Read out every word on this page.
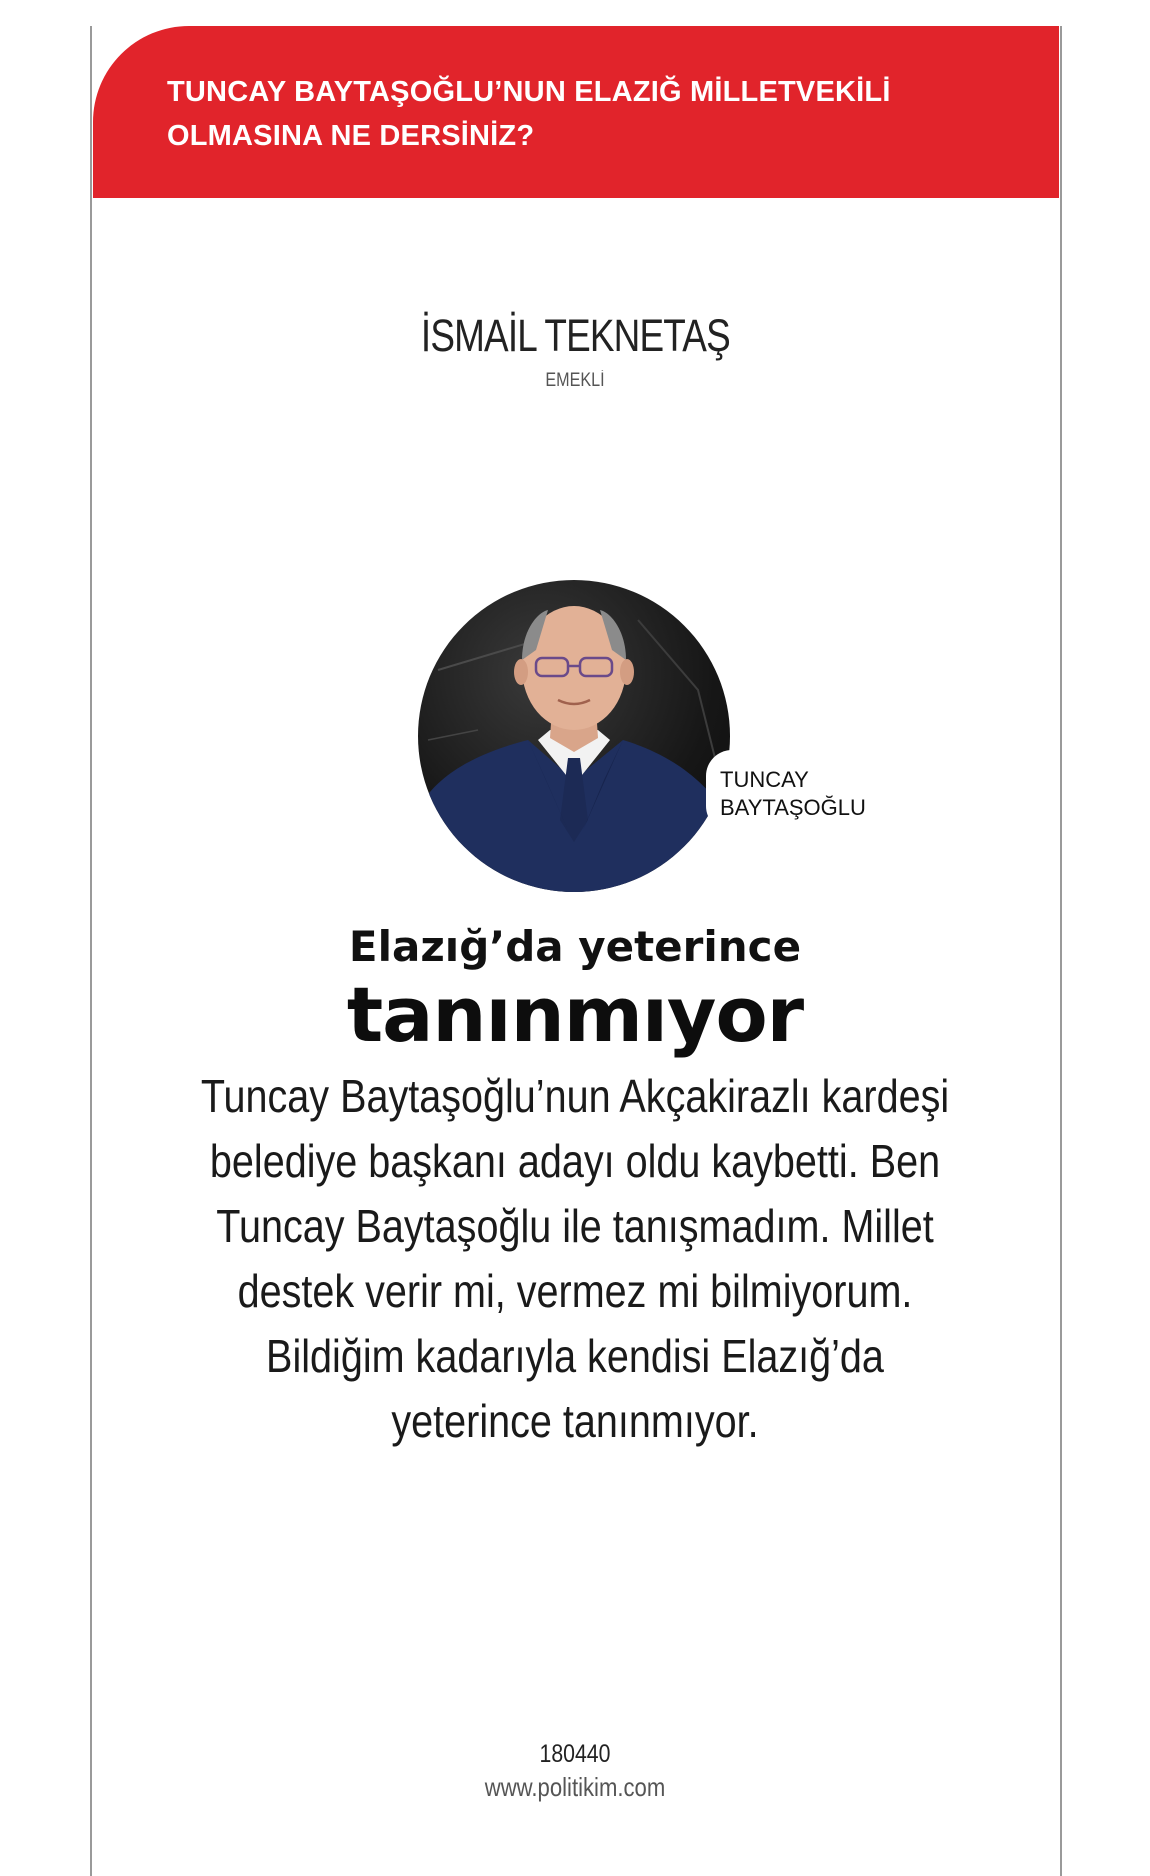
TUNCAY BAYTAŞOĞLU’NUN ELAZIĞ MİLLETVEKİLİ OLMASINA NE DERSİNİZ?
İSMAİL TEKNETAŞ
EMEKLİ
TUNCAY
BAYTAŞOĞLU
Elazığ’da yeterince
tanınmıyor
Tuncay Baytaşoğlu’nun Akçakirazlı kardeşi belediye başkanı adayı oldu kaybetti. Ben Tuncay Baytaşoğlu ile tanışmadım. Millet destek verir mi, vermez mi bilmiyorum. Bildiğim kadarıyla kendisi Elazığ’da yeterince tanınmıyor.
180440
www.politikim.com
